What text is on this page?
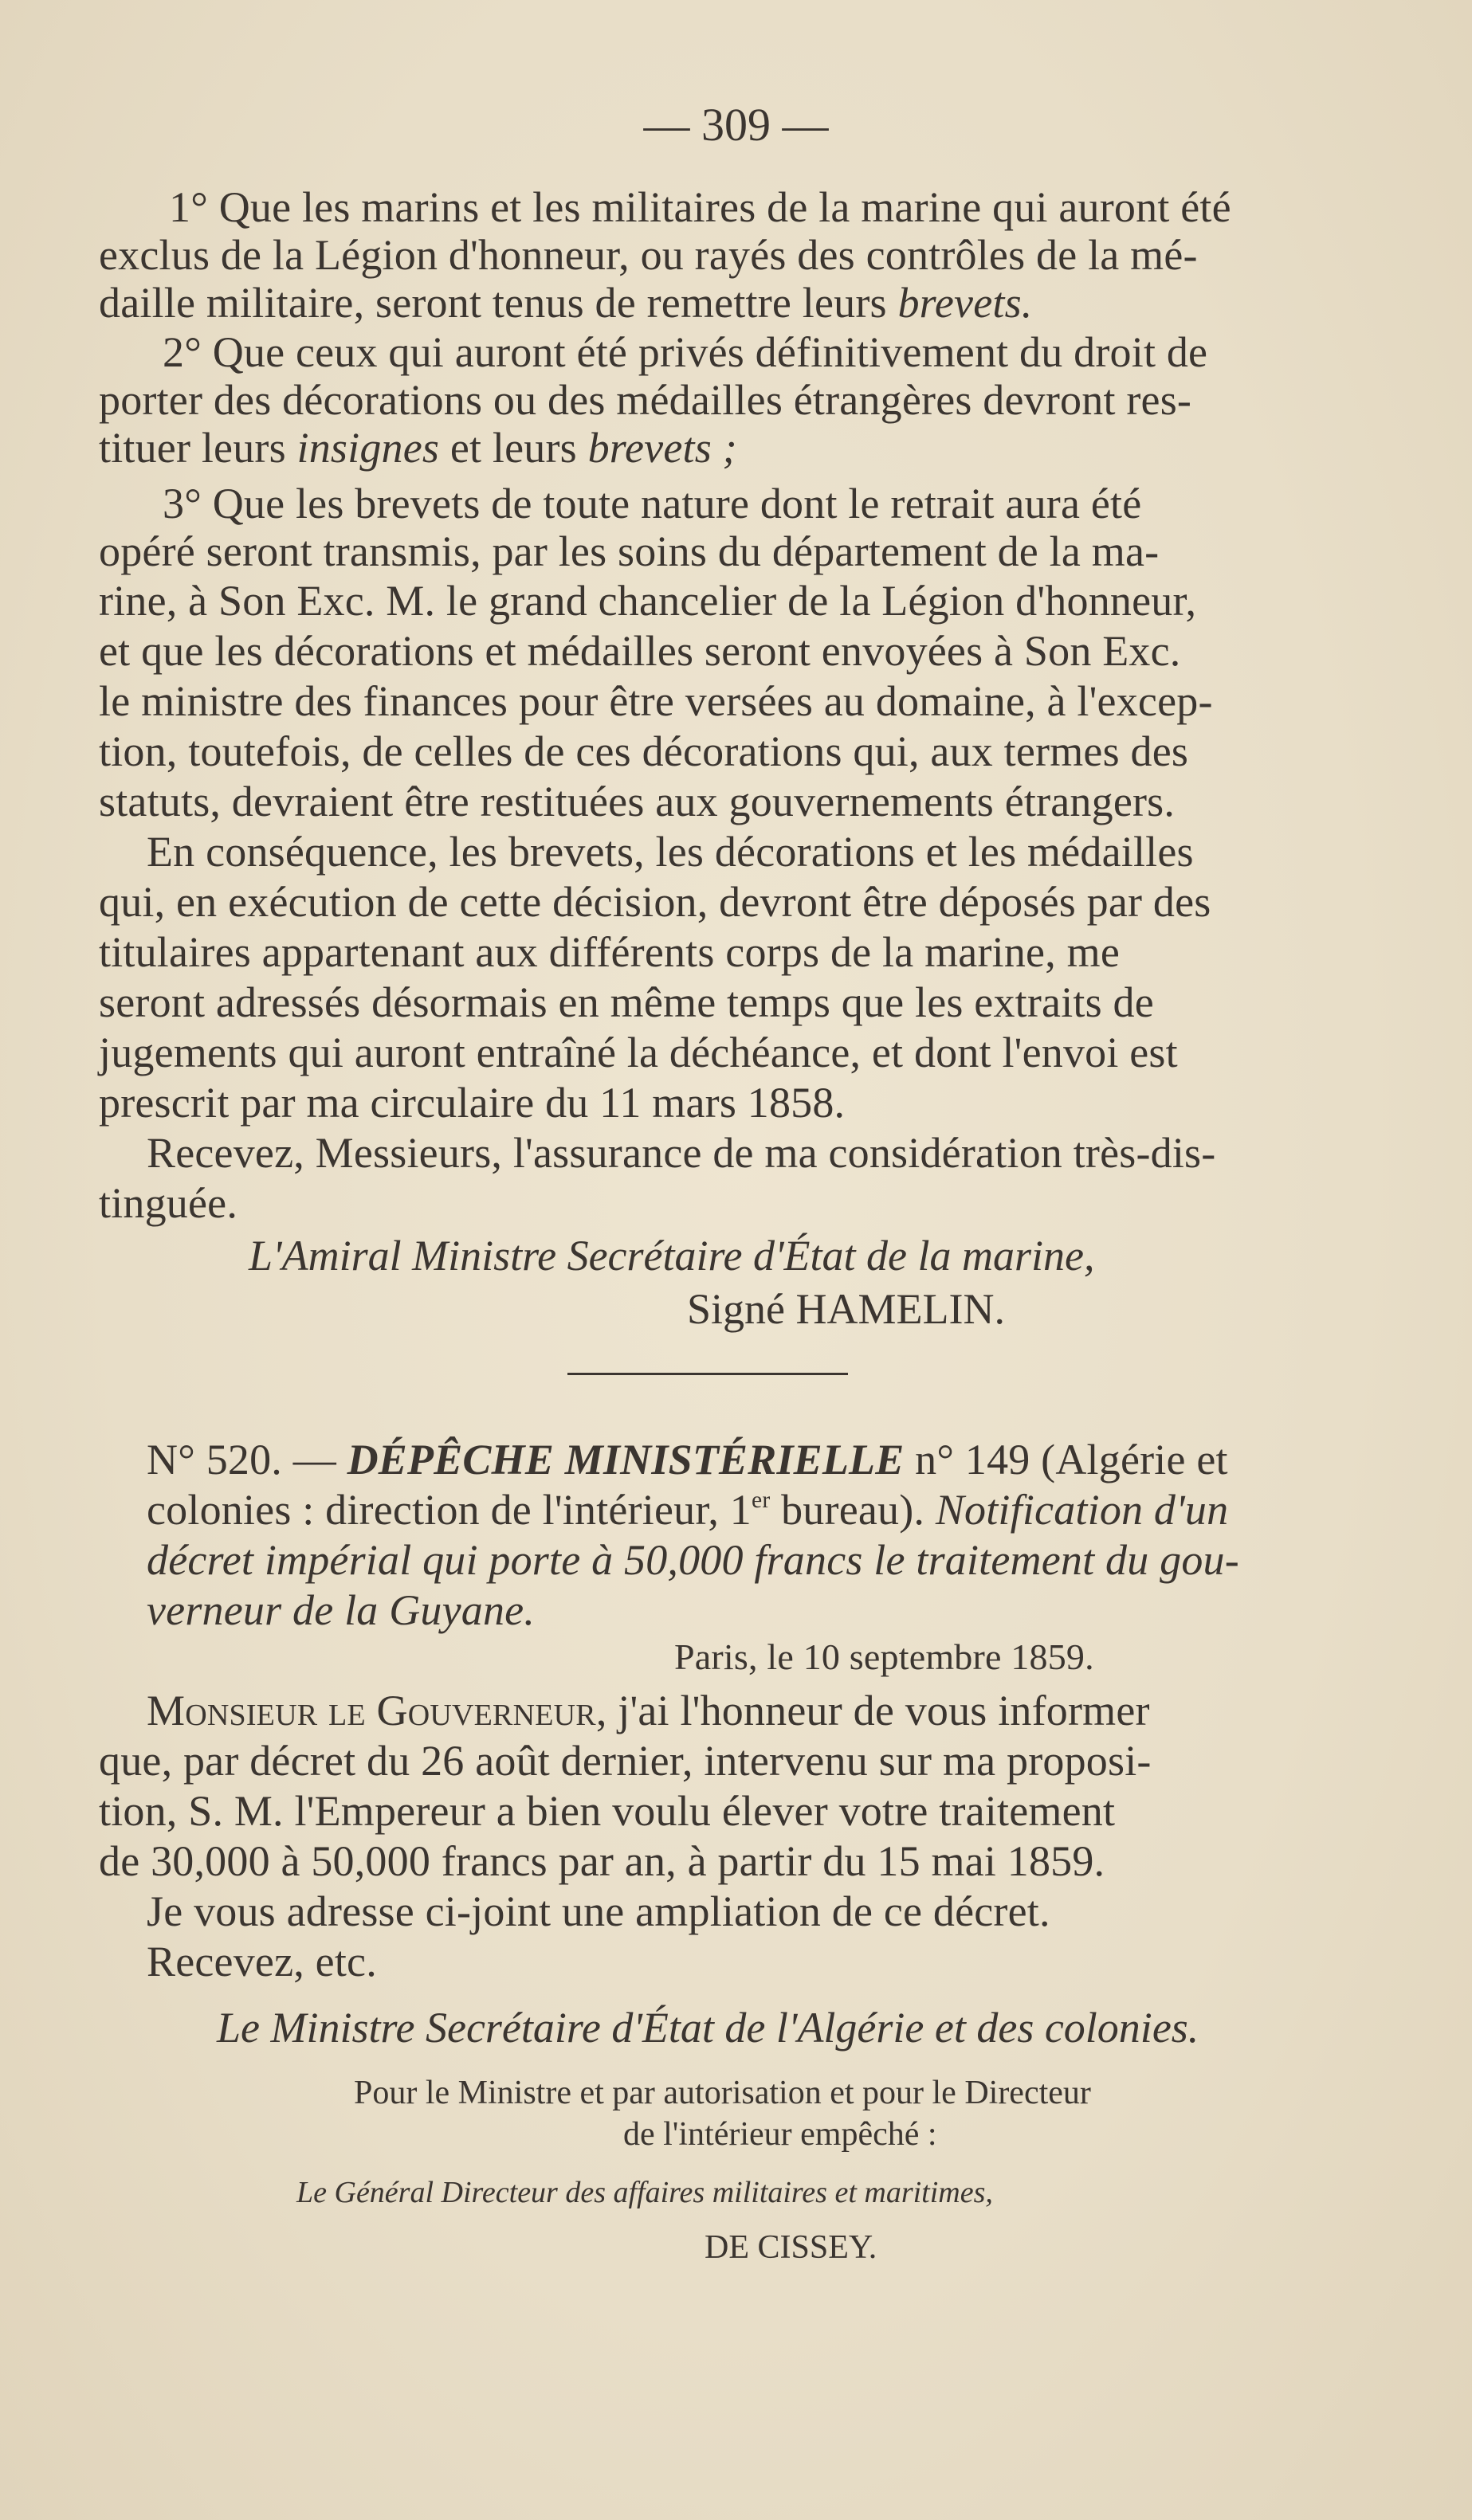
— 309 —
1° Que les marins et les militaires de la marine qui auront été
exclus de la Légion d'honneur, ou rayés des contrôles de la mé-
daille militaire, seront tenus de remettre leurs brevets.
2° Que ceux qui auront été privés définitivement du droit de
porter des décorations ou des médailles étrangères devront res-
tituer leurs insignes et leurs brevets ;
3° Que les brevets de toute nature dont le retrait aura été
opéré seront transmis, par les soins du département de la ma-
rine, à Son Exc. M. le grand chancelier de la Légion d'honneur,
et que les décorations et médailles seront envoyées à Son Exc.
le ministre des finances pour être versées au domaine, à l'excep-
tion, toutefois, de celles de ces décorations qui, aux termes des
statuts, devraient être restituées aux gouvernements étrangers.
En conséquence, les brevets, les décorations et les médailles
qui, en exécution de cette décision, devront être déposés par des
titulaires appartenant aux différents corps de la marine, me
seront adressés désormais en même temps que les extraits de
jugements qui auront entraîné la déchéance, et dont l'envoi est
prescrit par ma circulaire du 11 mars 1858.
Recevez, Messieurs, l'assurance de ma considération très-dis-
tinguée.
L'Amiral Ministre Secrétaire d'État de la marine,
Signé HAMELIN.
N° 520. — DÉPÊCHE MINISTÉRIELLE n° 149 (Algérie et
colonies : direction de l'intérieur, 1er bureau). Notification d'un
décret impérial qui porte à 50,000 francs le traitement du gou-
verneur de la Guyane.
Paris, le 10 septembre 1859.
Monsieur le Gouverneur, j'ai l'honneur de vous informer
que, par décret du 26 août dernier, intervenu sur ma proposi-
tion, S. M. l'Empereur a bien voulu élever votre traitement
de 30,000 à 50,000 francs par an, à partir du 15 mai 1859.
Je vous adresse ci-joint une ampliation de ce décret.
Recevez, etc.
Le Ministre Secrétaire d'État de l'Algérie et des colonies.
Pour le Ministre et par autorisation et pour le Directeur
de l'intérieur empêché :
Le Général Directeur des affaires militaires et maritimes,
DE CISSEY.
